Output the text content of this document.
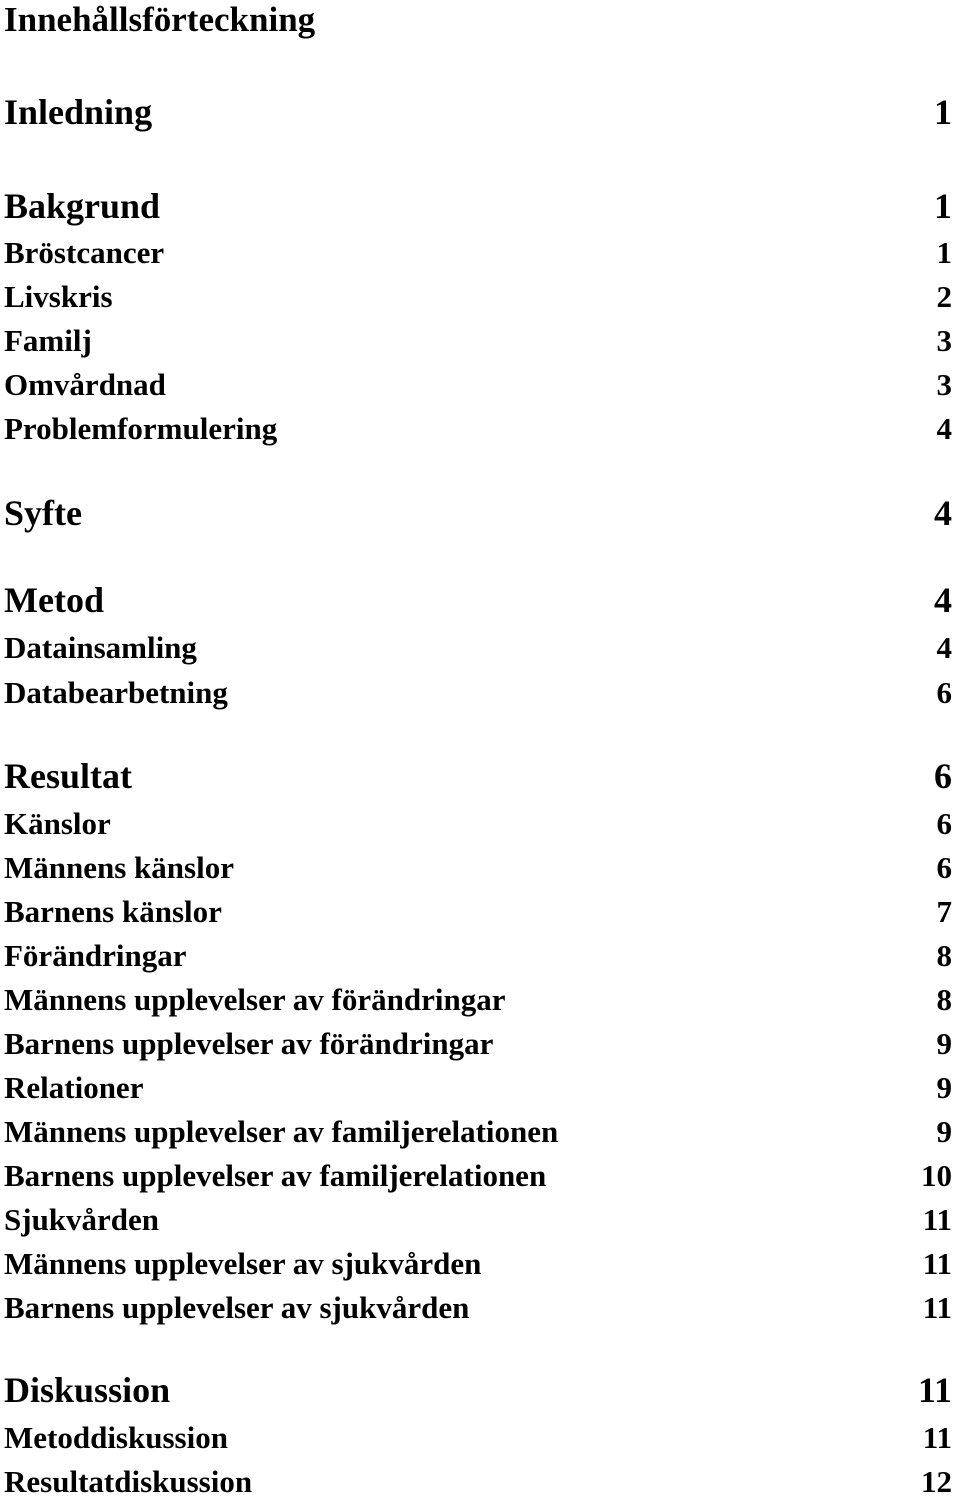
Innehållsförteckning
Inledning	1
Bakgrund	1
Bröstcancer	1
Livskris	2
Familj	3
Omvårdnad	3
Problemformulering	4
Syfte	4
Metod	4
Datainsamling	4
Databearbetning	6
Resultat	6
Känslor	6
Männens känslor	6
Barnens känslor	7
Förändringar	8
Männens upplevelser av förändringar	8
Barnens upplevelser av förändringar	9
Relationer	9
Männens upplevelser av familjerelationen	9
Barnens upplevelser av familjerelationen	10
Sjukvården	11
Männens upplevelser av sjukvården	11
Barnens upplevelser av sjukvården	11
Diskussion	11
Metoddiskussion	11
Resultatdiskussion	12
